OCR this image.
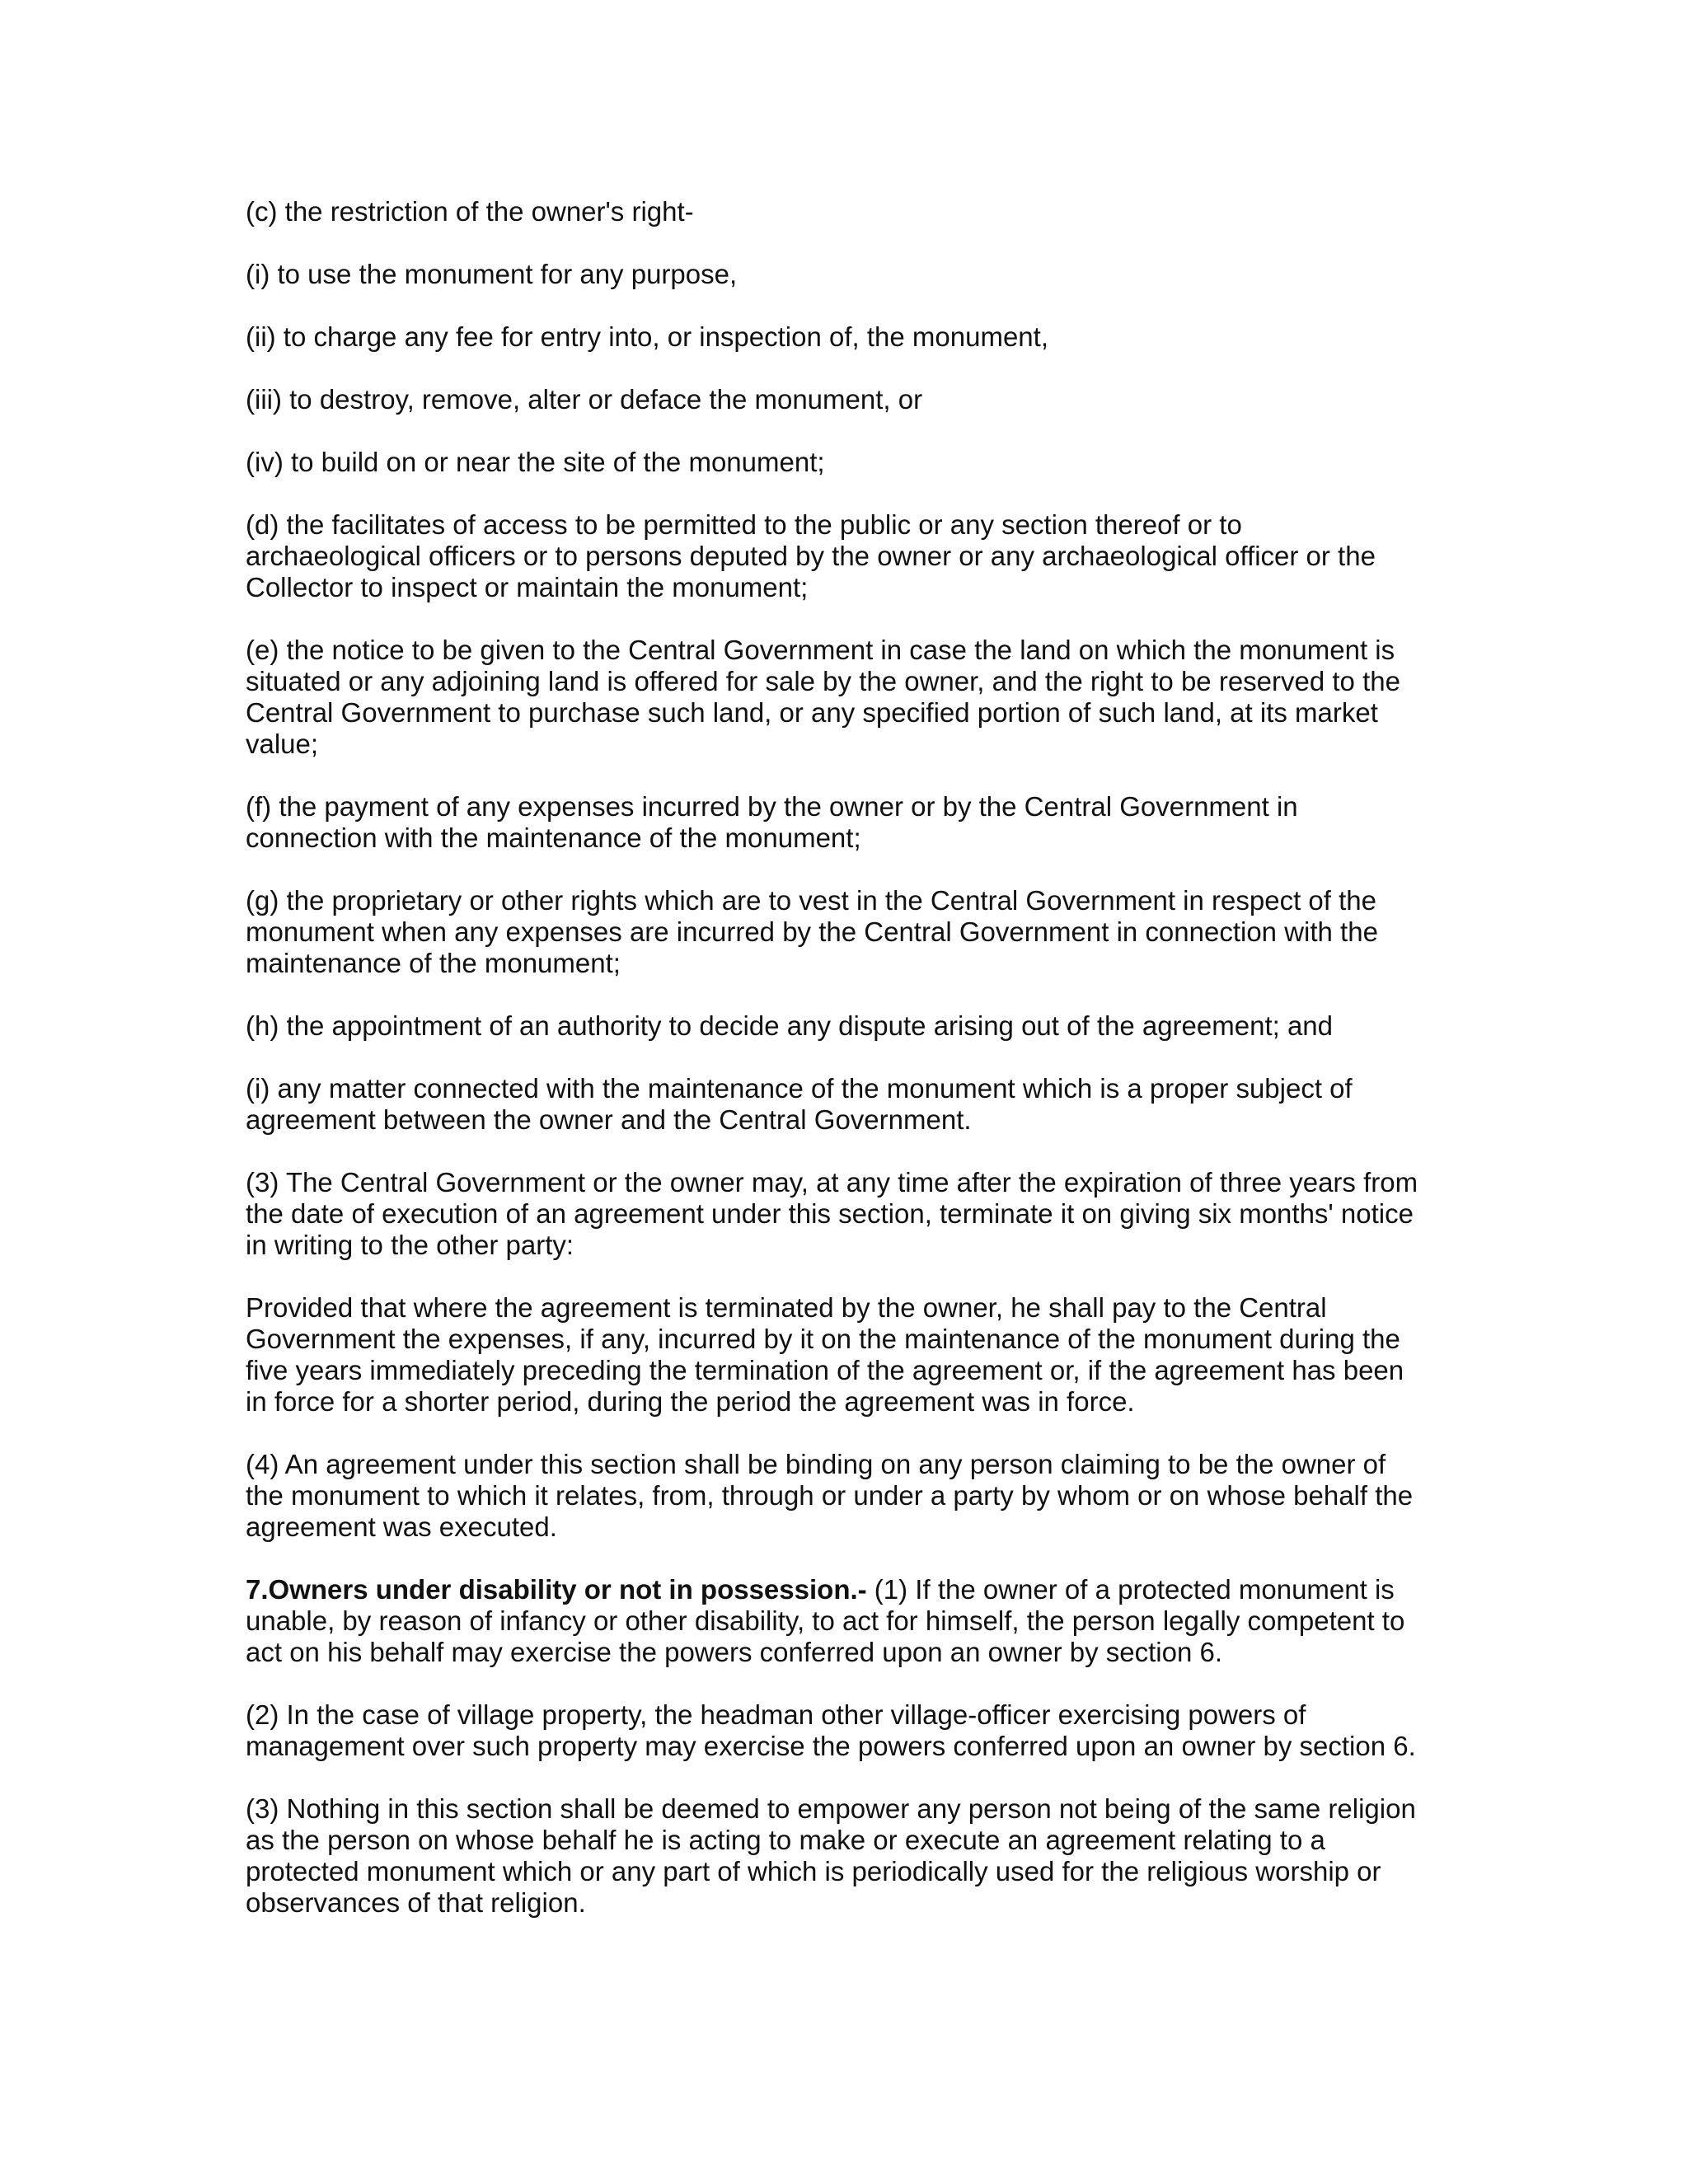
(c) the restriction of the owner's right-

(i) to use the monument for any purpose,

(ii) to charge any fee for entry into, or inspection of, the monument,

(iii) to destroy, remove, alter or deface the monument, or

(iv) to build on or near the site of the monument;

(d) the facilitates of access to be permitted to the public or any section thereof or to
archaeological officers or to persons deputed by the owner or any archaeological officer or the
Collector to inspect or maintain the monument;

(e) the notice to be given to the Central Government in case the land on which the monument is
situated or any adjoining land is offered for sale by the owner, and the right to be reserved to the
Central Government to purchase such land, or any specified portion of such land, at its market
value;

(f) the payment of any expenses incurred by the owner or by the Central Government in
connection with the maintenance of the monument;

(g) the proprietary or other rights which are to vest in the Central Government in respect of the
monument when any expenses are incurred by the Central Government in connection with the
maintenance of the monument;

(h) the appointment of an authority to decide any dispute arising out of the agreement; and

(i) any matter connected with the maintenance of the monument which is a proper subject of
agreement between the owner and the Central Government.

(3) The Central Government or the owner may, at any time after the expiration of three years from
the date of execution of an agreement under this section, terminate it on giving six months' notice
in writing to the other party:

Provided that where the agreement is terminated by the owner, he shall pay to the Central
Government the expenses, if any, incurred by it on the maintenance of the monument during the
five years immediately preceding the termination of the agreement or, if the agreement has been
in force for a shorter period, during the period the agreement was in force.

(4) An agreement under this section shall be binding on any person claiming to be the owner of
the monument to which it relates, from, through or under a party by whom or on whose behalf the
agreement was executed.

7.Owners under disability or not in possession.- (1) If the owner of a protected monument is
unable, by reason of infancy or other disability, to act for himself, the person legally competent to
act on his behalf may exercise the powers conferred upon an owner by section 6.

(2) In the case of village property, the headman other village-officer exercising powers of
management over such property may exercise the powers conferred upon an owner by section 6.

(3) Nothing in this section shall be deemed to empower any person not being of the same religion
as the person on whose behalf he is acting to make or execute an agreement relating to a
protected monument which or any part of which is periodically used for the religious worship or
observances of that religion.
